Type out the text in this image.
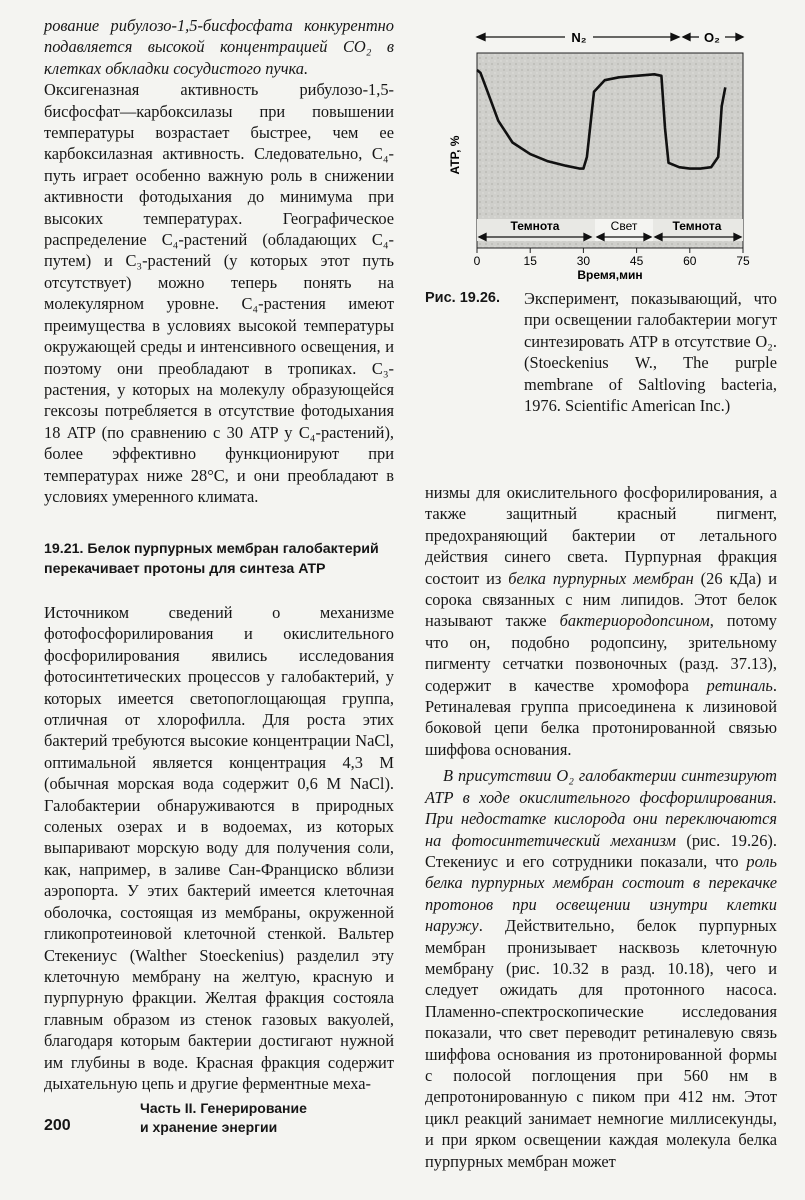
рование рибулозо-1,5-бисфосфата конкурентно подавляется высокой концентрацией CO₂ в клетках обкладки сосудистого пучка.

Оксигеназная активность рибулозо-1,5-бисфосфат—карбоксилазы при повышении температуры возрастает быстрее, чем ее карбоксилазная активность. Следовательно, C₄-путь играет особенно важную роль в снижении активности фотодыхания до минимума при высоких температурах. Географическое распределение C₄-растений (обладающих C₄-путем) и C₃-растений (у которых этот путь отсутствует) можно теперь понять на молекулярном уровне. C₄-растения имеют преимущества в условиях высокой температуры окружающей среды и интенсивного освещения, и поэтому они преобладают в тропиках. C₃-растения, у которых на молекулу образующейся гексозы потребляется в отсутствие фотодыхания 18 ATP (по сравнению с 30 ATP у C₄-растений), более эффективно функционируют при температурах ниже 28°C, и они преобладают в условиях умеренного климата.

19.21. Белок пурпурных мембран галобактерий перекачивает протоны для синтеза ATP

Источником сведений о механизме фотофосфорилирования и окислительного фосфорилирования явились исследования фотосинтетических процессов у галобактерий, у которых имеется светопоглощающая группа, отличная от хлорофилла. Для роста этих бактерий требуются высокие концентрации NaCl, оптимальной является концентрация 4,3 M (обычная морская вода содержит 0,6 M NaCl). Галобактерии обнаруживаются в природных соленых озерах и в водоемах, из которых выпаривают морскую воду для получения соли, как, например, в заливе Сан-Франциско вблизи аэропорта. У этих бактерий имеется клеточная оболочка, состоящая из мембраны, окруженной гликопротеиновой клеточной стенкой. Вальтер Стекениус (Walther Stoeckenius) разделил эту клеточную мембрану на желтую, красную и пурпурную фракции. Желтая фракция состояла главным образом из стенок газовых вакуолей, благодаря которым бактерии достигают нужной им глубины в воде. Красная фракция содержит дыхательную цепь и другие ферментные меха-

N₂	O₂
ATP, %
Темнота	Свет	Темнота
0	15	30	45	60	75
Время,мин
Рис. 19.26. Эксперимент, показывающий, что при освещении галобактерии могут синтезировать ATP в отсутствие O₂. (Stoeckenius W., The purple membrane of Saltloving bacteria, 1976. Scientific American Inc.)

низмы для окислительного фосфорилирования, а также защитный красный пигмент, предохраняющий бактерии от летального действия синего света. Пурпурная фракция состоит из белка пурпурных мембран (26 кДа) и сорока связанных с ним липидов. Этот белок называют также бактериородопсином, потому что он, подобно родопсину, зрительному пигменту сетчатки позвоночных (разд. 37.13), содержит в качестве хромофора ретиналь. Ретиналевая группа присоединена к лизиновой боковой цепи белка протонированной связью шиффова основания.

В присутствии O₂ галобактерии синтезируют ATP в ходе окислительного фосфорилирования. При недостатке кислорода они переключаются на фотосинтетический механизм (рис. 19.26). Стекениус и его сотрудники показали, что роль белка пурпурных мембран состоит в перекачке протонов при освещении изнутри клетки наружу. Действительно, белок пурпурных мембран пронизывает насквозь клеточную мембрану (рис. 10.32 в разд. 10.18), чего и следует ожидать для протонного насоса. Пламенно-спектроскопические исследования показали, что свет переводит ретиналевую связь шиффова основания из протонированной формы с полосой поглощения при 560 нм в депротонированную с пиком при 412 нм. Этот цикл реакций занимает немногие миллисекунды, и при ярком освещении каждая молекула белка пурпурных мембран может

200
Часть II. Генерирование
и хранение энергии
